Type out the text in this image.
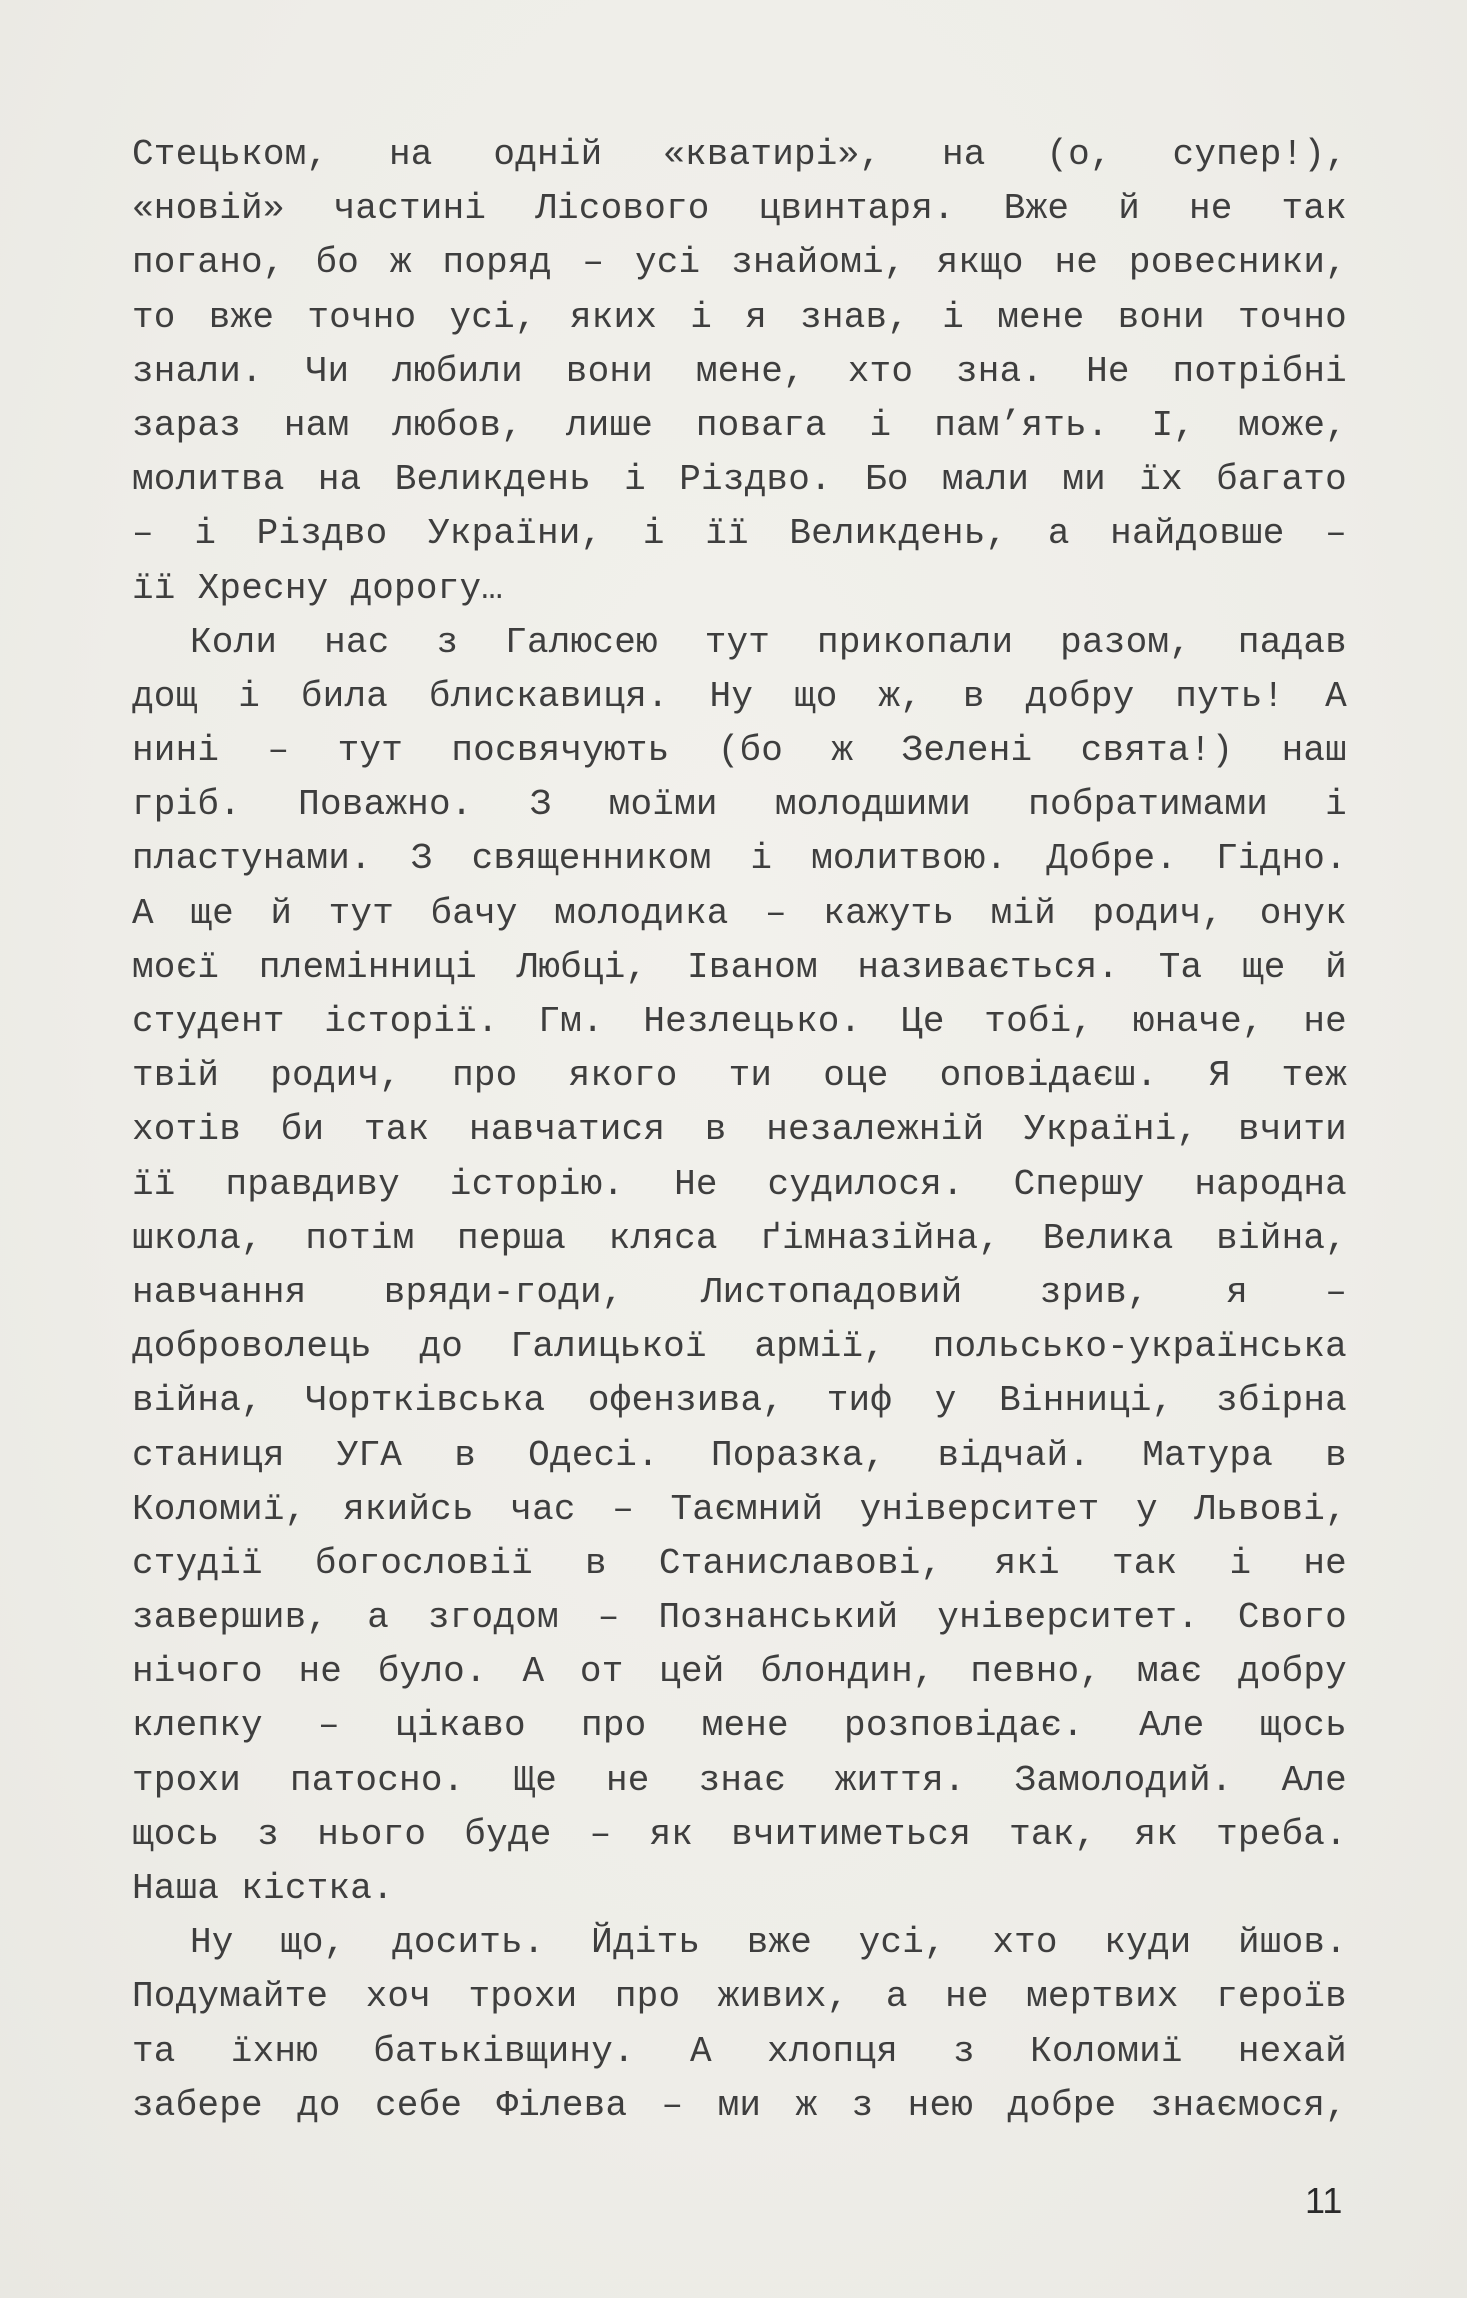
Стецьком, на одній «кватирі», на (о, супер!),
«новій» частині Лісового цвинтаря. Вже й не так
погано, бо ж поряд – усі знайомі, якщо не ровесники,
то вже точно усі, яких і я знав, і мене вони точно
знали. Чи любили вони мене, хто зна. Не потрібні
зараз нам любов, лише повага і пам’ять. І, може,
молитва на Великдень і Різдво. Бо мали ми їх багато
– і Різдво України, і її Великдень, а найдовше –
її Хресну дорогу…
Коли нас з Галюсею тут прикопали разом, падав
дощ і била блискавиця. Ну що ж, в добру путь! А
нині – тут посвячують (бо ж Зелені свята!) наш
гріб. Поважно. З моїми молодшими побратимами і
пластунами. З священником і молитвою. Добре. Гідно.
А ще й тут бачу молодика – кажуть мій родич, онук
моєї племінниці Любці, Іваном називається. Та ще й
студент історії. Гм. Незлецько. Це тобі, юначе, не
твій родич, про якого ти оце оповідаєш. Я теж
хотів би так навчатися в незалежній Україні, вчити
її правдиву історію. Не судилося. Спершу народна
школа, потім перша кляса ґімназійна, Велика війна,
навчання вряди-годи, Листопадовий зрив, я –
доброволець до Галицької армії, польсько-українська
війна, Чортківська офензива, тиф у Вінниці, збірна
станиця УГА в Одесі. Поразка, відчай. Матура в
Коломиї, якийсь час – Таємний університет у Львові,
студії богословії в Станиславові, які так і не
завершив, а згодом – Познанський університет. Свого
нічого не було. А от цей блондин, певно, має добру
клепку – цікаво про мене розповідає. Але щось
трохи патосно. Ще не знає життя. Замолодий. Але
щось з нього буде – як вчитиметься так, як треба.
Наша кістка.
Ну що, досить. Йдіть вже усі, хто куди йшов.
Подумайте хоч трохи про живих, а не мертвих героїв
та їхню батьківщину. А хлопця з Коломиї нехай
забере до себе Філева – ми ж з нею добре знаємося,
11
